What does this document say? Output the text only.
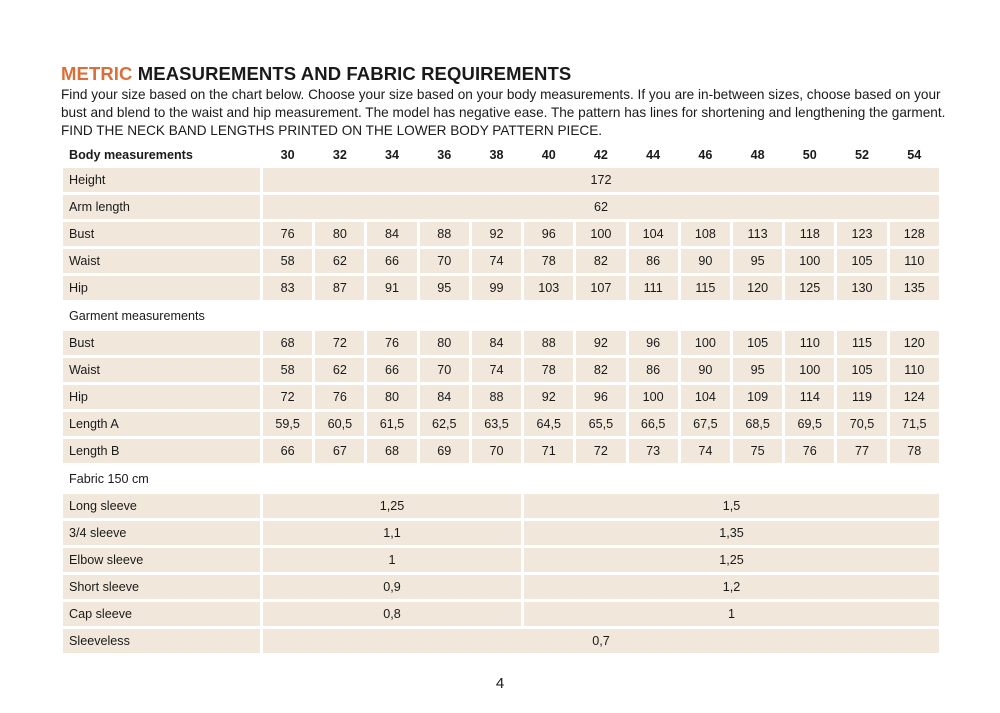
METRIC MEASUREMENTS AND FABRIC REQUIREMENTS

Find your size based on the chart below. Choose your size based on your body measurements. If you are in-between sizes, choose based on your bust and blend to the waist and hip measurement. The model has negative ease. The pattern has lines for shortening and lengthening the garment. FIND THE NECK BAND LENGTHS PRINTED ON THE LOWER BODY PATTERN PIECE.

Body measurements	30	32	34	36	38	40	42	44	46	48	50	52	54
Height	172												
Arm length	62												
Bust	76	80	84	88	92	96	100	104	108	113	118	123	128
Waist	58	62	66	70	74	78	82	86	90	95	100	105	110
Hip	83	87	91	95	99	103	107	111	115	120	125	130	135
Garment measurements													
Bust	68	72	76	80	84	88	92	96	100	105	110	115	120
Waist	58	62	66	70	74	78	82	86	90	95	100	105	110
Hip	72	76	80	84	88	92	96	100	104	109	114	119	124
Length A	59,5	60,5	61,5	62,5	63,5	64,5	65,5	66,5	67,5	68,5	69,5	70,5	71,5
Length B	66	67	68	69	70	71	72	73	74	75	76	77	78
Fabric 150 cm													
Long sleeve	1,25					1,5							
3/4 sleeve	1,1					1,35							
Elbow sleeve	1					1,25							
Short sleeve	0,9					1,2							
Cap sleeve	0,8					1							
Sleeveless	0,7												
4
